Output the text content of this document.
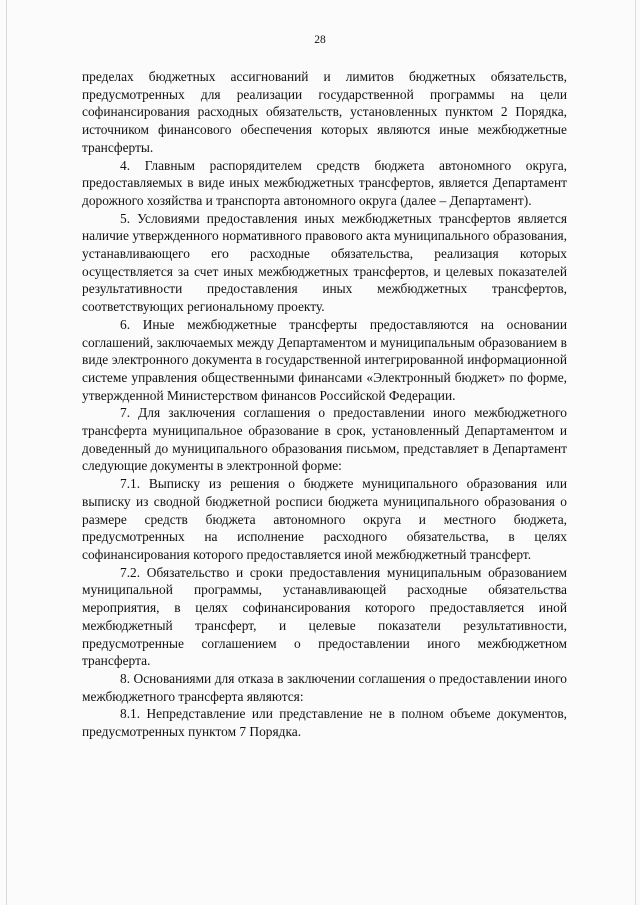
28

пределах бюджетных ассигнований и лимитов бюджетных обязательств, предусмотренных для реализации государственной программы на цели софинансирования расходных обязательств, установленных пунктом 2 Порядка, источником финансового обеспечения которых являются иные межбюджетные трансферты.

4. Главным распорядителем средств бюджета автономного округа, предоставляемых в виде иных межбюджетных трансфертов, является Департамент дорожного хозяйства и транспорта автономного округа (далее – Департамент).

5. Условиями предоставления иных межбюджетных трансфертов является наличие утвержденного нормативного правового акта муниципального образования, устанавливающего его расходные обязательства, реализация которых осуществляется за счет иных межбюджетных трансфертов, и целевых показателей результативности предоставления иных межбюджетных трансфертов, соответствующих региональному проекту.

6. Иные межбюджетные трансферты предоставляются на основании соглашений, заключаемых между Департаментом и муниципальным образованием в виде электронного документа в государственной интегрированной информационной системе управления общественными финансами «Электронный бюджет» по форме, утвержденной Министерством финансов Российской Федерации.

7. Для заключения соглашения о предоставлении иного межбюджетного трансферта муниципальное образование в срок, установленный Департаментом и доведенный до муниципального образования письмом, представляет в Департамент следующие документы в электронной форме:

7.1. Выписку из решения о бюджете муниципального образования или выписку из сводной бюджетной росписи бюджета муниципального образования о размере средств бюджета автономного округа и местного бюджета, предусмотренных на исполнение расходного обязательства, в целях софинансирования которого предоставляется иной межбюджетный трансферт.

7.2. Обязательство и сроки предоставления муниципальным образованием муниципальной программы, устанавливающей расходные обязательства мероприятия, в целях софинансирования которого предоставляется иной межбюджетный трансферт, и целевые показатели результативности, предусмотренные соглашением о предоставлении иного межбюджетном трансферта.

8. Основаниями для отказа в заключении соглашения о предоставлении иного межбюджетного трансферта являются:

8.1. Непредставление или представление не в полном объеме документов, предусмотренных пунктом 7 Порядка.
